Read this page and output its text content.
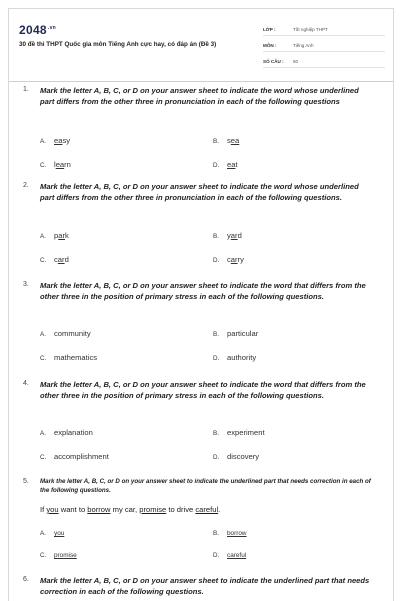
$2048^{.vn}$
30 đề thi THPT Quốc gia môn Tiếng Anh cực hay, có đáp án (Đề 3)
LỚP :	Tốt nghiệp THPT
MÔN :	Tiếng Anh
SỐ CÂU :	50
1. Mark the letter A, B, C, or D on your answer sheet to indicate the word whose underlined part differs from the other three in pronunciation in each of the following questions
A. easy	B. sea
C. learn	D. eat
2. Mark the letter A, B, C, or D on your answer sheet to indicate the word whose underlined part differs from the other three in pronunciation in each of the following questions.
A. park	B. yard
C. card	D. carry
3. Mark the letter A, B, C, or D on your answer sheet to indicate the word that differs from the other three in the position of primary stress in each of the following questions.
A. community	B. particular
C. mathematics	D. authority
4. Mark the letter A, B, C, or D on your answer sheet to indicate the word that differs from the other three in the position of primary stress in each of the following questions.
A. explanation	B. experiment
C. accomplishment	D. discovery
5. Mark the letter A, B, C, or D on your answer sheet to indicate the underlined part that needs correction in each of the following questions.
If you want to borrow my car, promise to drive careful.
A. you	B. borrow
C. promise	D. careful
6. Mark the letter A, B, C, or D on your answer sheet to indicate the underlined part that needs correction in each of the following questions.
